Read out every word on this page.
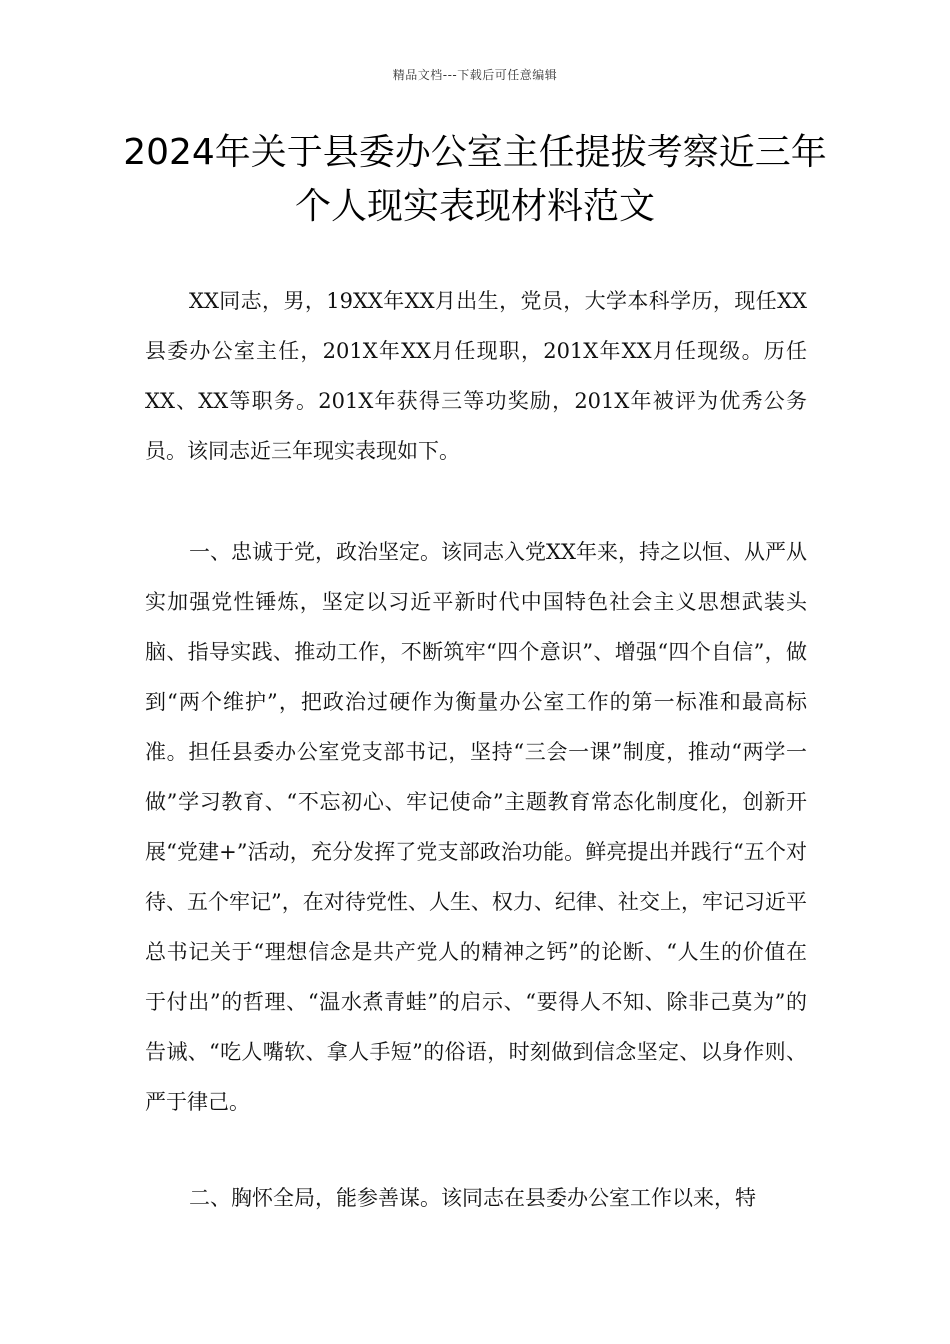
精品文档---下载后可任意编辑
2024年关于县委办公室主任提拔考察近三年个人现实表现材料范文

XX同志，男，19XX年XX月出生，党员，大学本科学历，现任XX县委办公室主任，201X年XX月任现职，201X年XX月任现级。历任XX、XX等职务。201X年获得三等功奖励，201X年被评为优秀公务员。该同志近三年现实表现如下。

一、忠诚于党，政治坚定。该同志入党XX年来，持之以恒、从严从实加强党性锤炼，坚定以习近平新时代中国特色社会主义思想武装头脑、指导实践、推动工作，不断筑牢“四个意识”、增强“四个自信”，做到“两个维护”，把政治过硬作为衡量办公室工作的第一标准和最高标准。担任县委办公室党支部书记，坚持“三会一课”制度，推动“两学一做”学习教育、“不忘初心、牢记使命”主题教育常态化制度化，创新开展“党建+”活动，充分发挥了党支部政治功能。鲜亮提出并践行“五个对待、五个牢记”，在对待党性、人生、权力、纪律、社交上，牢记习近平总书记关于“理想信念是共产党人的精神之钙”的论断、“人生的价值在于付出”的哲理、“温水煮青蛙”的启示、“要得人不知、除非己莫为”的告诫、“吃人嘴软、拿人手短”的俗语，时刻做到信念坚定、以身作则、严于律己。

二、胸怀全局，能参善谋。该同志在县委办公室工作以来，特
